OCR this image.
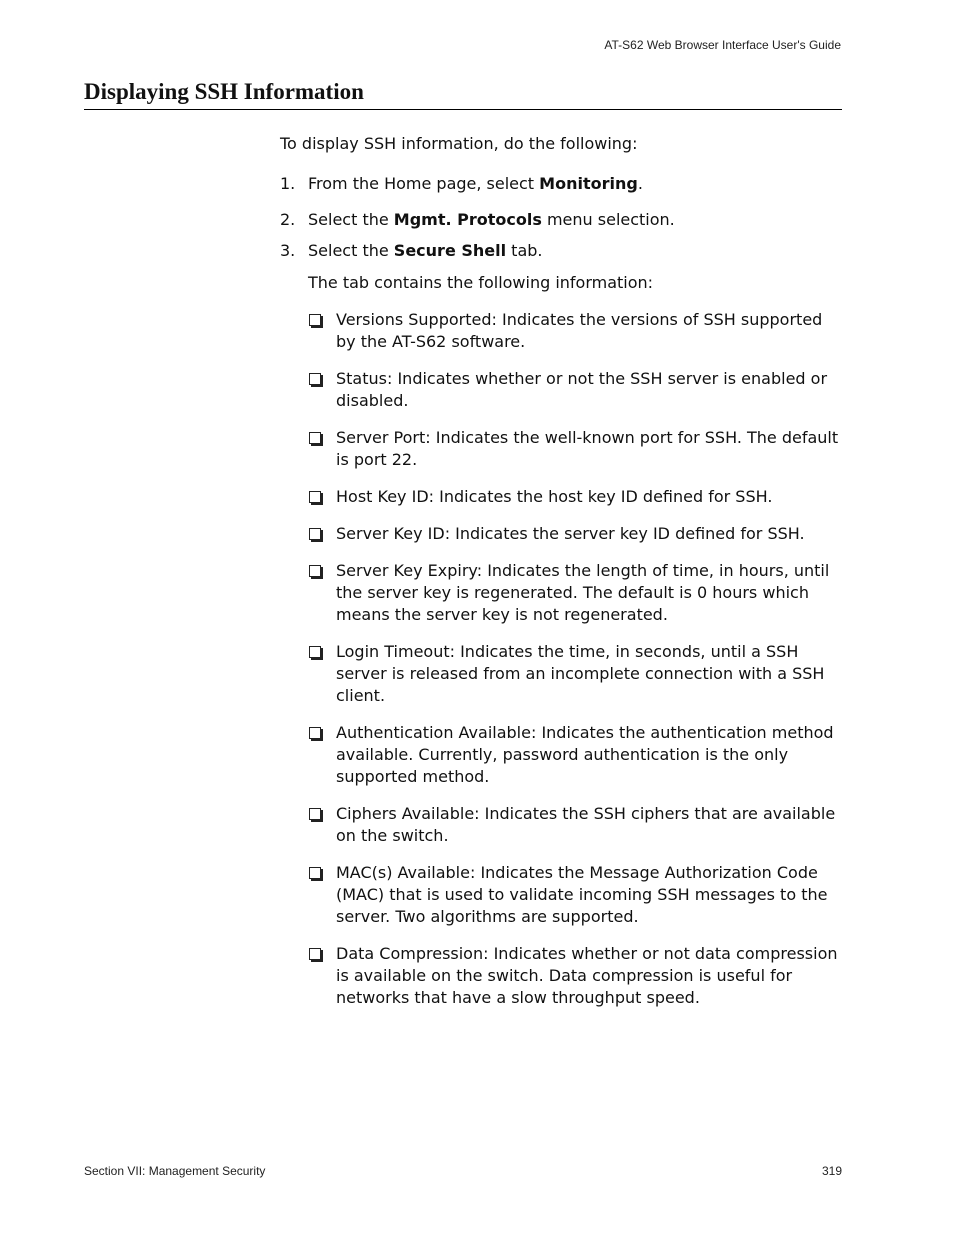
AT-S62 Web Browser Interface User's Guide
Displaying SSH Information

To display SSH information, do the following:

1. From the Home page, select Monitoring.
2. Select the Mgmt. Protocols menu selection.
3. Select the Secure Shell tab.

The tab contains the following information:

Versions Supported: Indicates the versions of SSH supported by the AT-S62 software.
Status: Indicates whether or not the SSH server is enabled or disabled.
Server Port: Indicates the well-known port for SSH. The default is port 22.
Host Key ID: Indicates the host key ID defined for SSH.
Server Key ID: Indicates the server key ID defined for SSH.
Server Key Expiry: Indicates the length of time, in hours, until the server key is regenerated. The default is 0 hours which means the server key is not regenerated.
Login Timeout: Indicates the time, in seconds, until a SSH server is released from an incomplete connection with a SSH client.
Authentication Available: Indicates the authentication method available. Currently, password authentication is the only supported method.
Ciphers Available: Indicates the SSH ciphers that are available on the switch.
MAC(s) Available: Indicates the Message Authorization Code (MAC) that is used to validate incoming SSH messages to the server. Two algorithms are supported.
Data Compression: Indicates whether or not data compression is available on the switch. Data compression is useful for networks that have a slow throughput speed.
Section VII: Management Security	319
